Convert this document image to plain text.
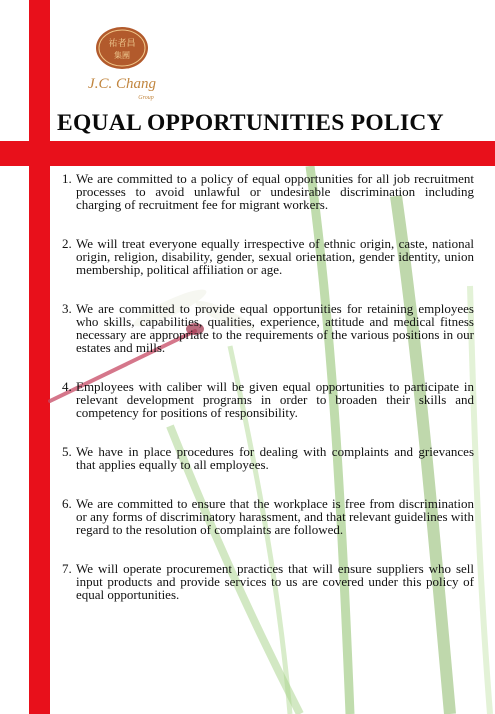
祐者昌
集團
J.C. Chang
Group
EQUAL OPPORTUNITIES POLICY
1. We are committed to a policy of equal opportunities for all job recruitment processes to avoid unlawful or undesirable discrimination including charging of recruitment fee for migrant workers.
2. We will treat everyone equally irrespective of ethnic origin, caste, national origin, religion, disability, gender, sexual orientation, gender identity, union membership, political affiliation or age.
3. We are committed to provide equal opportunities for retaining employees who skills, capabilities, qualities, experience, attitude and medical fitness necessary are appropriate to the requirements of the various positions in our estates and mills.
4. Employees with caliber will be given equal opportunities to participate in relevant development programs in order to broaden their skills and competency for positions of responsibility.
5. We have in place procedures for dealing with complaints and grievances that applies equally to all employees.
6. We are committed to ensure that the workplace is free from discrimination or any forms of discriminatory harassment, and that relevant guidelines with regard to the resolution of complaints are followed.
7. We will operate procurement practices that will ensure suppliers who sell input products and provide services to us are covered under this policy of equal opportunities.
